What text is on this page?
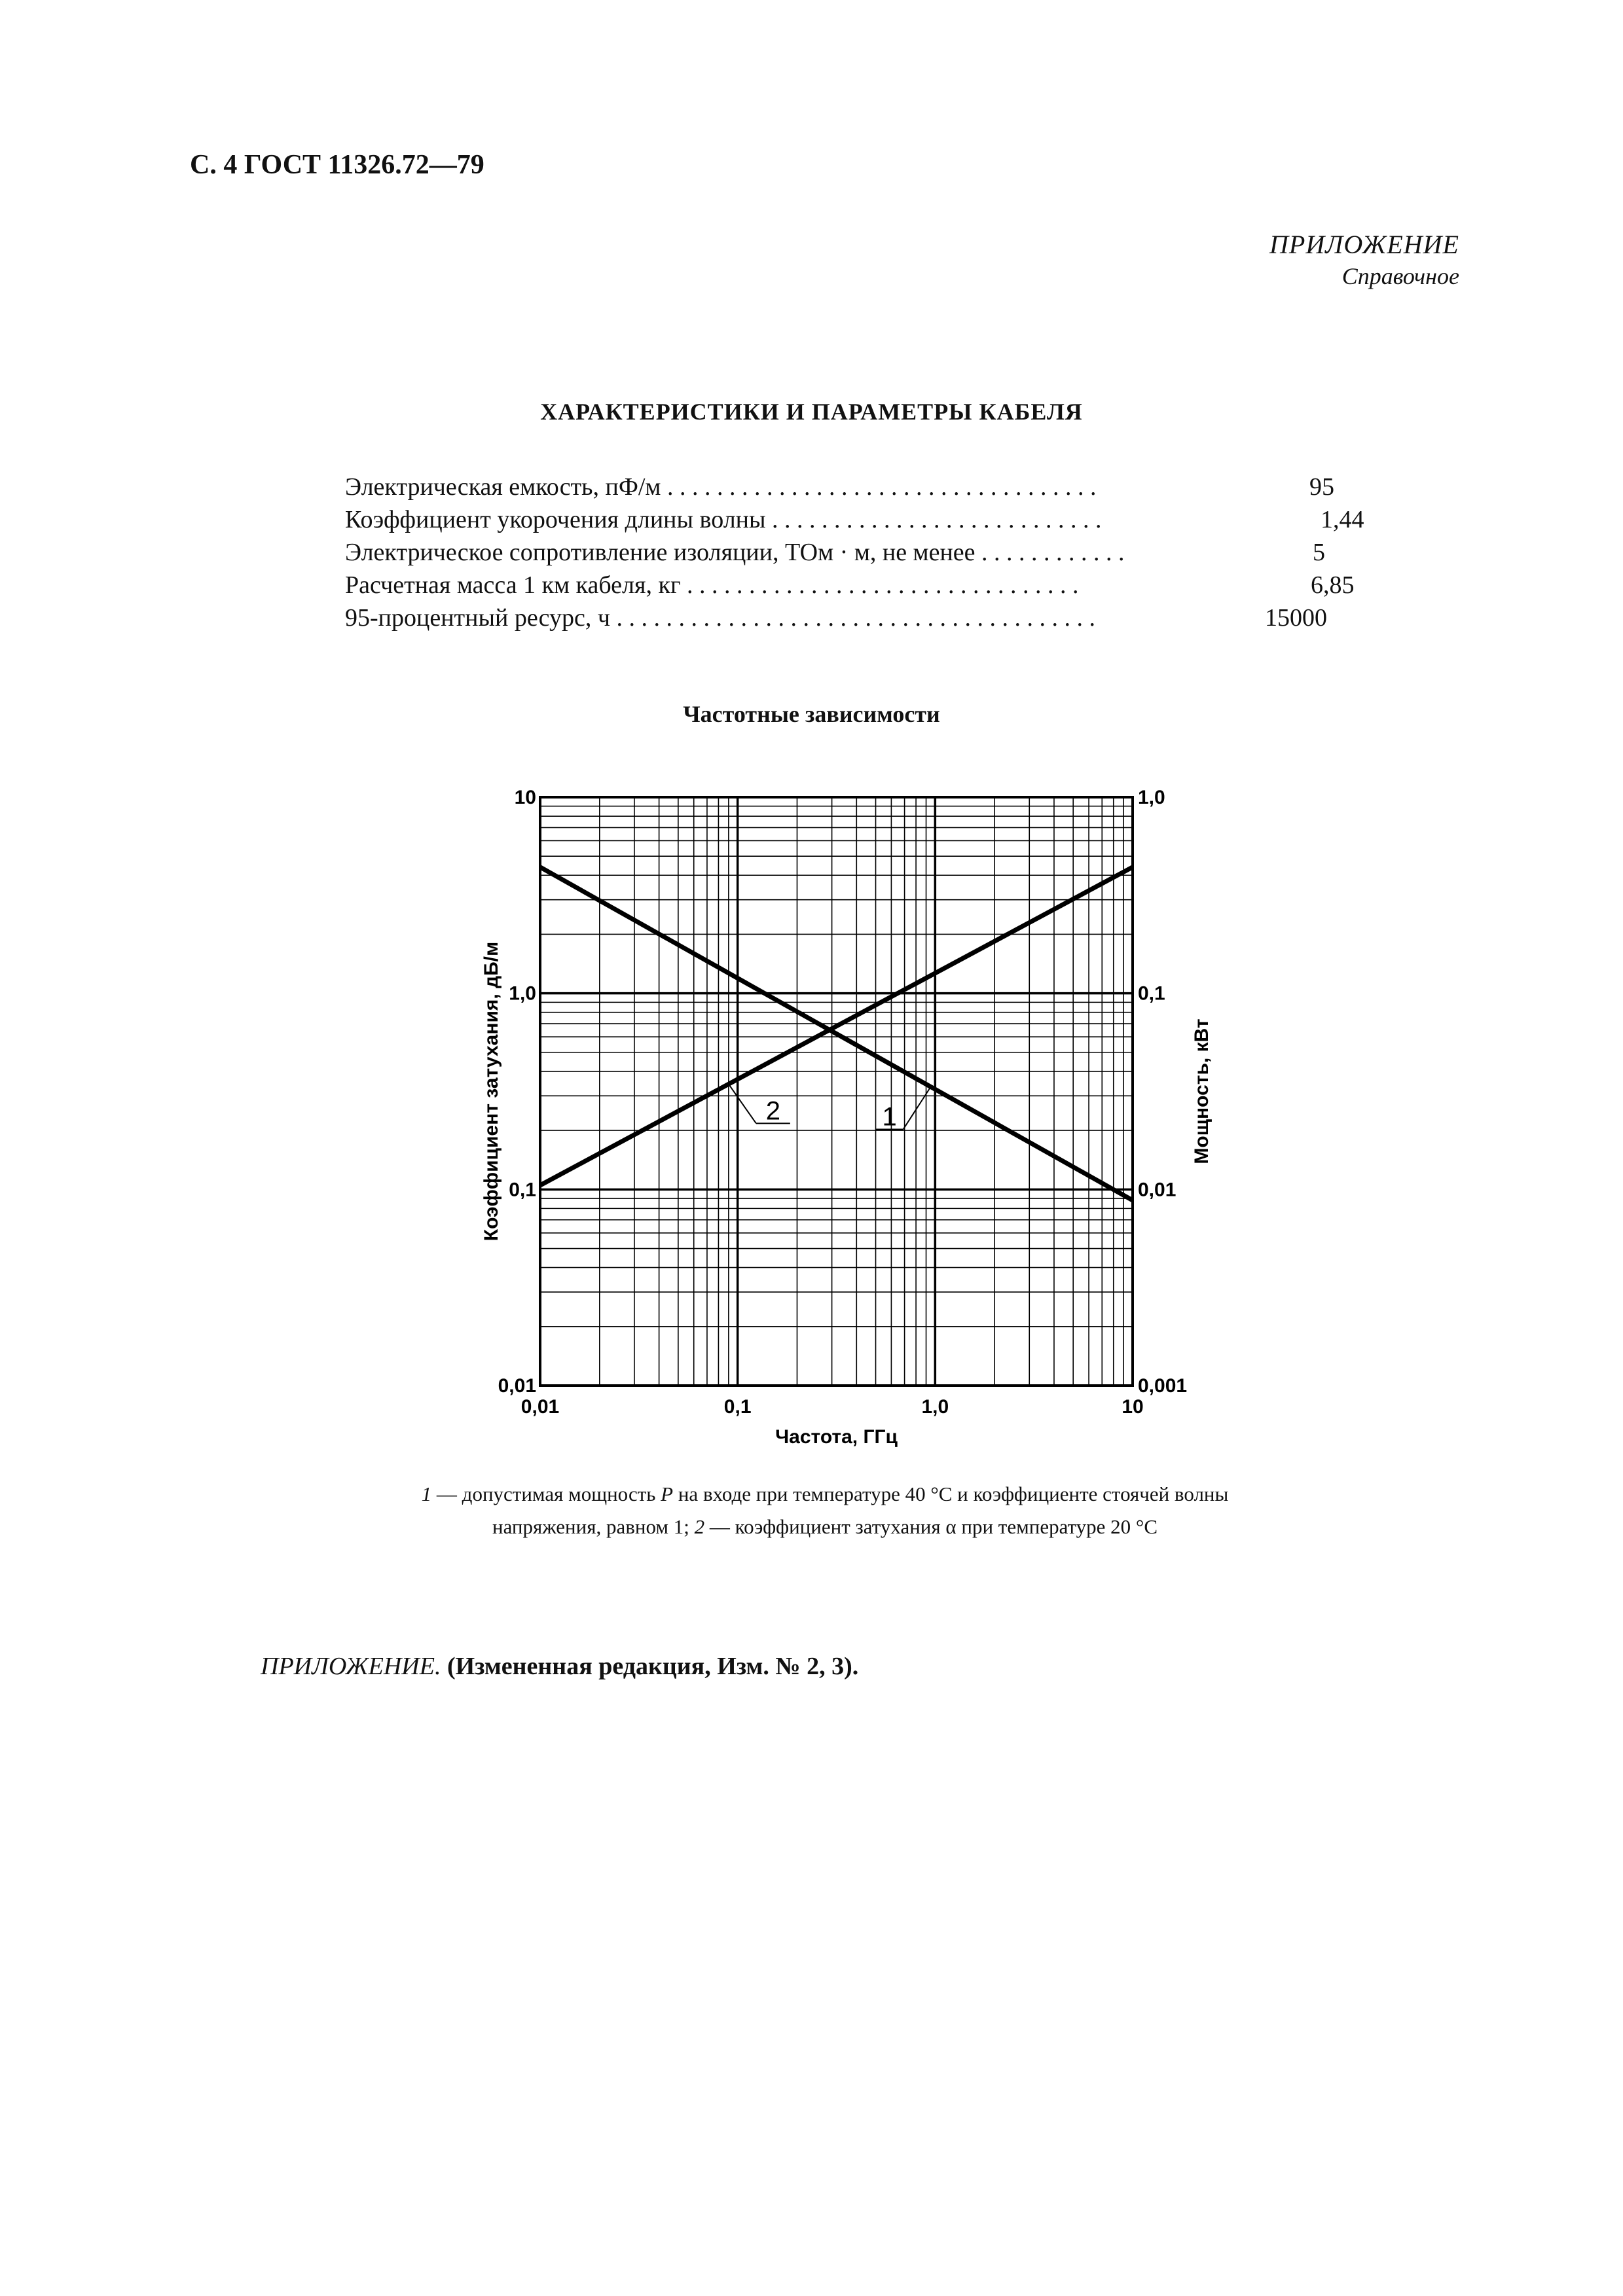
С. 4 ГОСТ 11326.72—79
ПРИЛОЖЕНИЕ
Справочное
ХАРАКТЕРИСТИКИ И ПАРАМЕТРЫ КАБЕЛЯ
Электрическая емкость, пФ/м . . . . . . . . . . . . . . . . . . . . . . . . . . . . . . . . . . .	95
Коэффициент укорочения длины волны . . . . . . . . . . . . . . . . . . . . . . . . . . .	1,44
Электрическое сопротивление изоляции, ТОм · м, не менее . . . . . . . . . . . .	5
Расчетная масса 1 км кабеля, кг . . . . . . . . . . . . . . . . . . . . . . . . . . . . . . . .	6,85
95-процентный ресурс, ч . . . . . . . . . . . . . . . . . . . . . . . . . . . . . . . . . . . . . . .	15000
Частотные зависимости
0,01	0,1	1,0	10
0,01
0,1
1,0
10
0,001
0,01
0,1
1,0
Частота, ГГц
Коэффициент затухания, дБ/м	Мощность, кВт
2	1
1 — допустимая мощность P на входе при температуре 40 °С и коэффициенте стоячей волны напряжения, равном 1; 2 — коэффициент затухания α при температуре 20 °С
ПРИЛОЖЕНИЕ. (Измененная редакция, Изм. № 2, 3).
